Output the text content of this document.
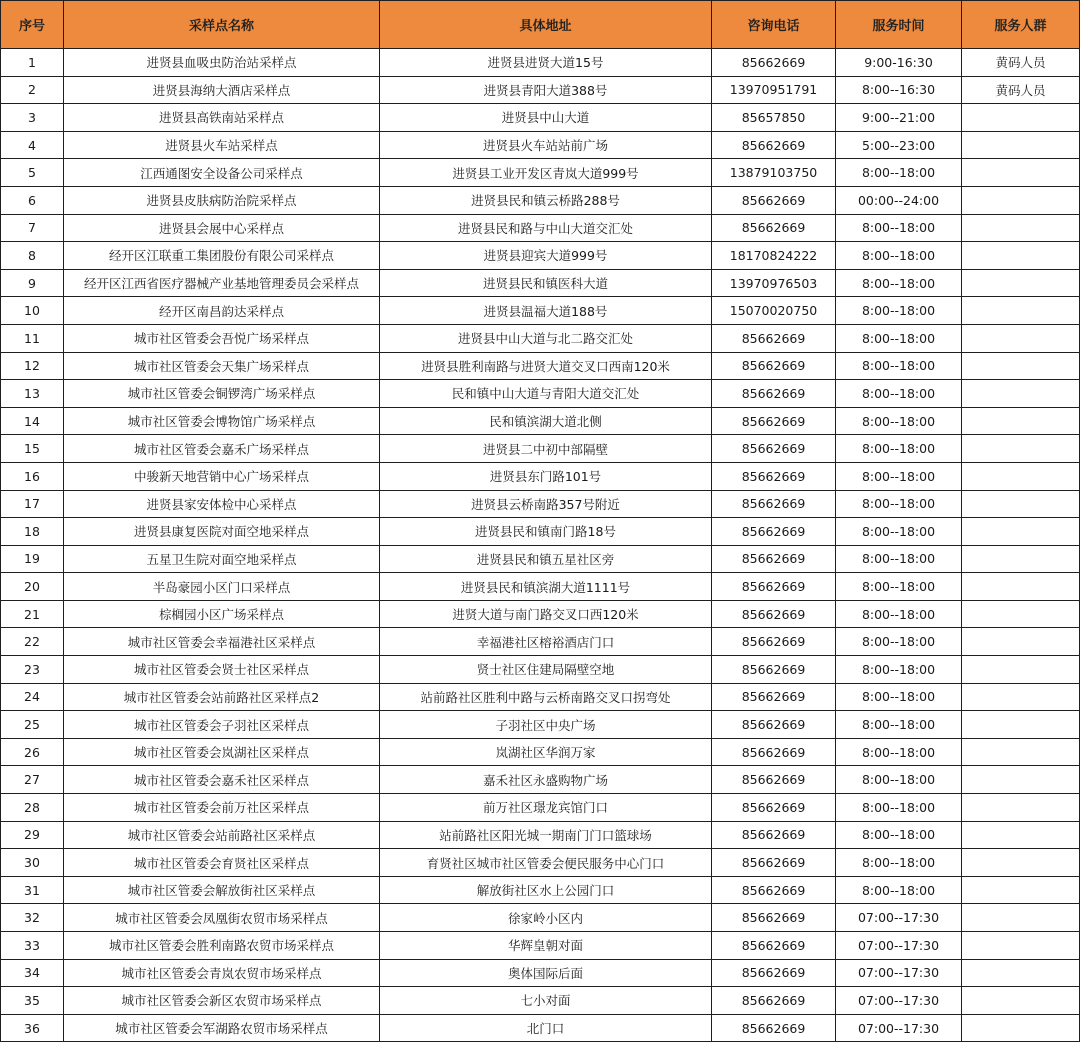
序号	采样点名称	具体地址	咨询电话	服务时间	服务人群
1	进贤县血吸虫防治站采样点	进贤县进贤大道15号	85662669	9:00-16:30	黄码人员
2	进贤县海纳大酒店采样点	进贤县青阳大道388号	13970951791	8:00--16:30	黄码人员
3	进贤县高铁南站采样点	进贤县中山大道	85657850	9:00--21:00	
4	进贤县火车站采样点	进贤县火车站站前广场	85662669	5:00--23:00	
5	江西通图安全设备公司采样点	进贤县工业开发区青岚大道999号	13879103750	8:00--18:00	
6	进贤县皮肤病防治院采样点	进贤县民和镇云桥路288号	85662669	00:00--24:00	
7	进贤县会展中心采样点	进贤县民和路与中山大道交汇处	85662669	8:00--18:00	
8	经开区江联重工集团股份有限公司采样点	进贤县迎宾大道999号	18170824222	8:00--18:00	
9	经开区江西省医疗器械产业基地管理委员会采样点	进贤县民和镇医科大道	13970976503	8:00--18:00	
10	经开区南昌韵达采样点	进贤县温福大道188号	15070020750	8:00--18:00	
11	城市社区管委会吾悦广场采样点	进贤县中山大道与北二路交汇处	85662669	8:00--18:00	
12	城市社区管委会天集广场采样点	进贤县胜利南路与进贤大道交叉口西南120米	85662669	8:00--18:00	
13	城市社区管委会铜锣湾广场采样点	民和镇中山大道与青阳大道交汇处	85662669	8:00--18:00	
14	城市社区管委会博物馆广场采样点	民和镇滨湖大道北侧	85662669	8:00--18:00	
15	城市社区管委会嘉禾广场采样点	进贤县二中初中部隔壁	85662669	8:00--18:00	
16	中骏新天地营销中心广场采样点	进贤县东门路101号	85662669	8:00--18:00	
17	进贤县家安体检中心采样点	进贤县云桥南路357号附近	85662669	8:00--18:00	
18	进贤县康复医院对面空地采样点	进贤县民和镇南门路18号	85662669	8:00--18:00	
19	五星卫生院对面空地采样点	进贤县民和镇五星社区旁	85662669	8:00--18:00	
20	半岛豪园小区门口采样点	进贤县民和镇滨湖大道1111号	85662669	8:00--18:00	
21	棕榈园小区广场采样点	进贤大道与南门路交叉口西120米	85662669	8:00--18:00	
22	城市社区管委会幸福港社区采样点	幸福港社区榕裕酒店门口	85662669	8:00--18:00	
23	城市社区管委会贤士社区采样点	贤士社区住建局隔壁空地	85662669	8:00--18:00	
24	城市社区管委会站前路社区采样点2	站前路社区胜利中路与云桥南路交叉口拐弯处	85662669	8:00--18:00	
25	城市社区管委会子羽社区采样点	子羽社区中央广场	85662669	8:00--18:00	
26	城市社区管委会岚湖社区采样点	岚湖社区华润万家	85662669	8:00--18:00	
27	城市社区管委会嘉禾社区采样点	嘉禾社区永盛购物广场	85662669	8:00--18:00	
28	城市社区管委会前万社区采样点	前万社区璟龙宾馆门口	85662669	8:00--18:00	
29	城市社区管委会站前路社区采样点	站前路社区阳光城一期南门门口篮球场	85662669	8:00--18:00	
30	城市社区管委会育贤社区采样点	育贤社区城市社区管委会便民服务中心门口	85662669	8:00--18:00	
31	城市社区管委会解放街社区采样点	解放街社区水上公园门口	85662669	8:00--18:00	
32	城市社区管委会凤凰街农贸市场采样点	徐家岭小区内	85662669	07:00--17:30	
33	城市社区管委会胜利南路农贸市场采样点	华辉皇朝对面	85662669	07:00--17:30	
34	城市社区管委会青岚农贸市场采样点	奥体国际后面	85662669	07:00--17:30	
35	城市社区管委会新区农贸市场采样点	七小对面	85662669	07:00--17:30	
36	城市社区管委会军湖路农贸市场采样点	北门口	85662669	07:00--17:30	
